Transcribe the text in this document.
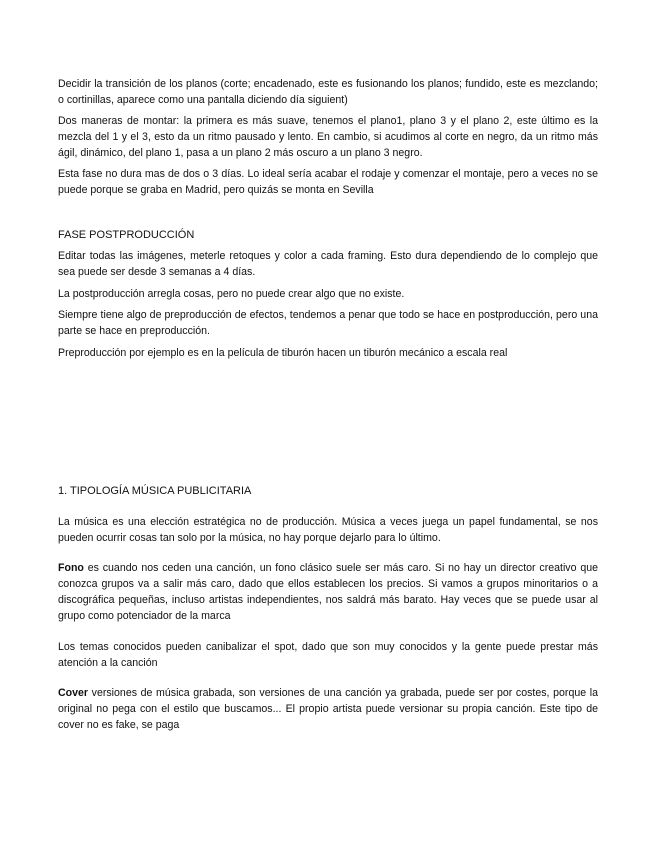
Decidir la transición de los planos (corte; encadenado, este es fusionando los planos; fundido, este es mezclando; o cortinillas, aparece como una pantalla diciendo día siguient)

Dos maneras de montar: la primera es más suave, tenemos el plano1, plano 3 y el plano 2, este último es la mezcla del 1 y el 3, esto da un ritmo pausado y lento. En cambio, si acudimos al corte en negro, da un ritmo más ágil, dinámico, del plano 1, pasa a un plano 2 más oscuro a un plano 3 negro.

Esta fase no dura mas de dos o 3 días. Lo ideal sería acabar el rodaje y comenzar el montaje, pero a veces no se puede porque se graba en Madrid, pero quizás se monta en Sevilla

FASE POSTPRODUCCIÓN

Editar todas las imágenes, meterle retoques y color a cada framing. Esto dura dependiendo de lo complejo que sea puede ser desde 3 semanas a 4 días.

La postproducción arregla cosas, pero no puede crear algo que no existe.

Siempre tiene algo de preproducción de efectos, tendemos a penar que todo se hace en postproducción, pero una parte se hace en preproducción.

Preproducción por ejemplo es en la película de tiburón hacen un tiburón mecánico a escala real

1. TIPOLOGÍA MÚSICA PUBLICITARIA

La música es una elección estratégica no de producción. Música a veces juega un papel fundamental, se nos pueden ocurrir cosas tan solo por la música, no hay porque dejarlo para lo último.

Fono es cuando nos ceden una canción, un fono clásico suele ser más caro. Si no hay un director creativo que conozca grupos va a salir más caro, dado que ellos establecen los precios. Si vamos a grupos minoritarios o a discográfica pequeñas, incluso artistas independientes, nos saldrá más barato. Hay veces que se puede usar al grupo como potenciador de la marca

Los temas conocidos pueden canibalizar el spot, dado que son muy conocidos y la gente puede prestar más atención a la canción

Cover versiones de música grabada, son versiones de una canción ya grabada, puede ser por costes, porque la original no pega con el estilo que buscamos... El propio artista puede versionar su propia canción. Este tipo de cover no es fake, se paga
